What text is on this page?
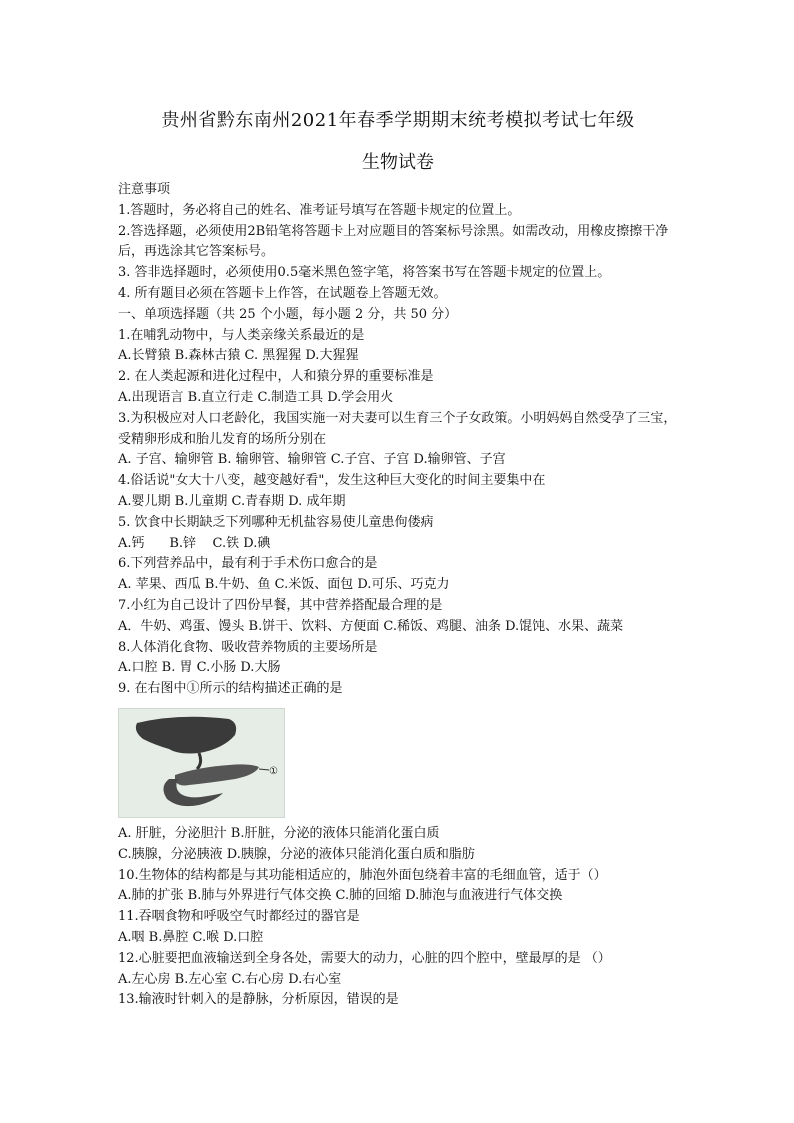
贵州省黔东南州2021年春季学期期末统考模拟考试七年级
生物试卷

注意事项

1.答题时，务必将自己的姓名、准考证号填写在答题卡规定的位置上。

2.答选择题，必须使用2B铅笔将答题卡上对应题目的答案标号涂黑。如需改动，用橡皮擦擦干净后，再选涂其它答案标号。

3. 答非选择题时，必须使用0.5毫米黑色签字笔，将答案书写在答题卡规定的位置上。

4. 所有题目必须在答题卡上作答，在试题卷上答题无效。

一、单项选择题（共 25 个小题，每小题 2 分，共 50 分）

1.在哺乳动物中，与人类亲缘关系最近的是

A.长臂猿 B.森林古猿 C. 黑猩猩 D.大猩猩

2. 在人类起源和进化过程中，人和猿分界的重要标准是

A.出现语言 B.直立行走 C.制造工具 D.学会用火

3.为积极应对人口老龄化，我国实施一对夫妻可以生育三个子女政策。小明妈妈自然受孕了三宝，受精卵形成和胎儿发育的场所分别在

A. 子宫、输卵管 B. 输卵管、输卵管 C.子宫、子宫 D.输卵管、子宫

4.俗话说"女大十八变，越变越好看"，发生这种巨大变化的时间主要集中在

A.婴儿期 B.儿童期 C.青春期 D. 成年期

5. 饮食中长期缺乏下列哪种无机盐容易使儿童患佝偻病

A.钙      B.锌    C.铁 D.碘

6.下列营养品中，最有利于手术伤口愈合的是

A. 苹果、西瓜 B.牛奶、鱼 C.米饭、面包 D.可乐、巧克力

7.小红为自己设计了四份早餐，其中营养搭配最合理的是

A．牛奶、鸡蛋、馒头 B.饼干、饮料、方便面 C.稀饭、鸡腿、油条 D.馄饨、水果、蔬菜

8.人体消化食物、吸收营养物质的主要场所是

A.口腔 B. 胃 C.小肠 D.大肠

9. 在右图中①所示的结构描述正确的是

①

A. 肝脏，分泌胆汁 B.肝脏，分泌的液体只能消化蛋白质

C.胰腺，分泌胰液 D.胰腺，分泌的液体只能消化蛋白质和脂肪

10.生物体的结构都是与其功能相适应的，肺泡外面包绕着丰富的毛细血管，适于（）

A.肺的扩张 B.肺与外界进行气体交换 C.肺的回缩 D.肺泡与血液进行气体交换

11.吞咽食物和呼吸空气时都经过的器官是

A.咽 B.鼻腔 C.喉 D.口腔

12.心脏要把血液输送到全身各处，需要大的动力，心脏的四个腔中，壁最厚的是 （）

A.左心房 B.左心室 C.右心房 D.右心室

13.输液时针刺入的是静脉，分析原因，错误的是
